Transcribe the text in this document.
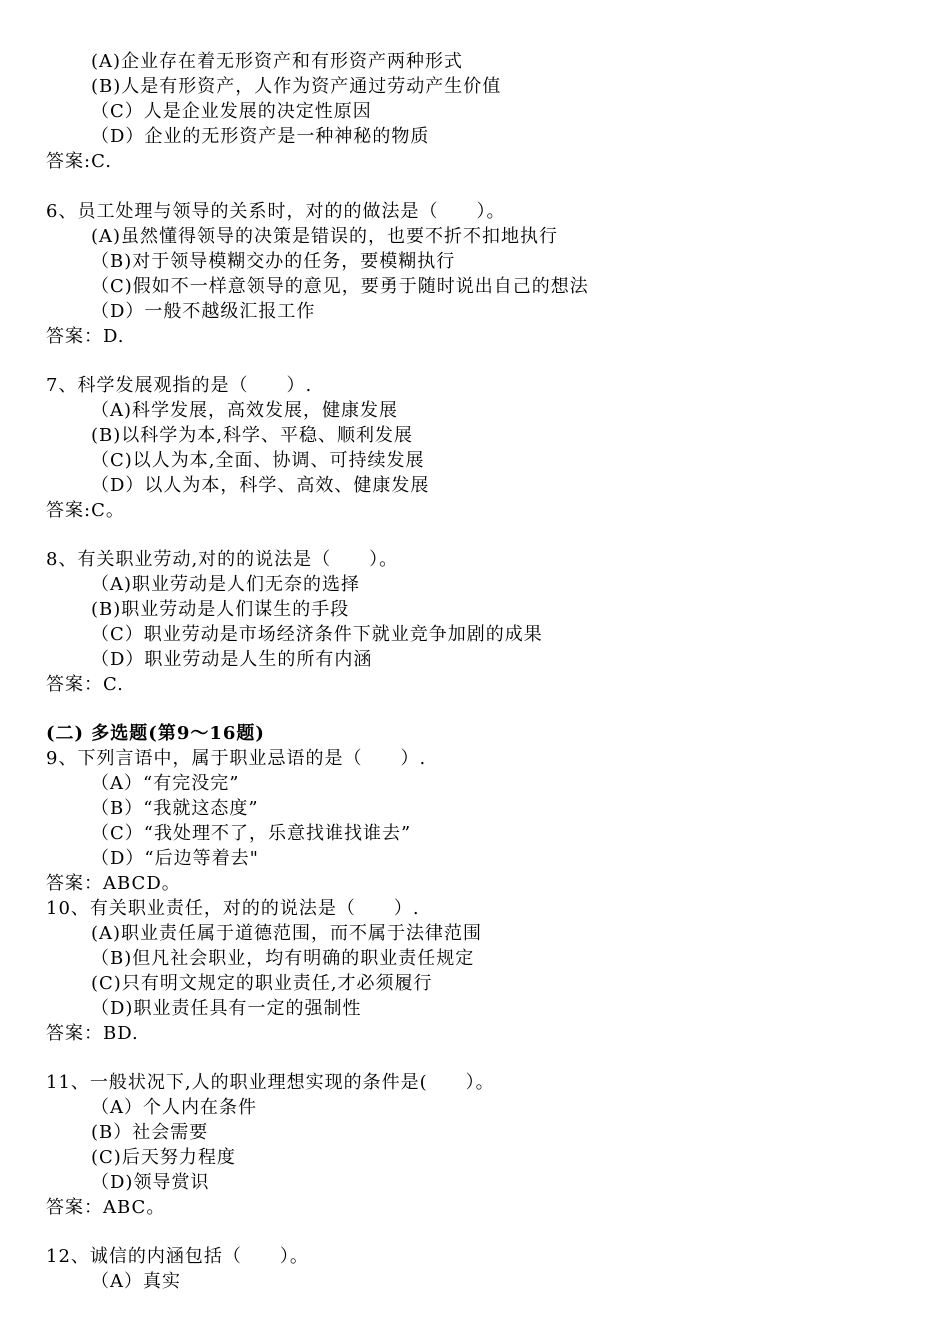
(A)企业存在着无形资产和有形资产两种形式
(B)人是有形资产，人作为资产通过劳动产生价值
（C）人是企业发展的决定性原因
（D）企业的无形资产是一种神秘的物质
答案:C.
6、员工处理与领导的关系时，对的的做法是（　　）。
(A)虽然懂得领导的决策是错误的，也要不折不扣地执行
（B)对于领导模糊交办的任务，要模糊执行
（C)假如不一样意领导的意见，要勇于随时说出自己的想法
（D）一般不越级汇报工作
答案：D.
7、科学发展观指的是（　　）.
（A)科学发展，高效发展，健康发展
(B)以科学为本,科学、平稳、顺利发展
（C)以人为本,全面、协调、可持续发展
（D）以人为本，科学、高效、健康发展
答案:C。
8、有关职业劳动,对的的说法是（　　）。
（A)职业劳动是人们无奈的选择
(B)职业劳动是人们谋生的手段
（C）职业劳动是市场经济条件下就业竞争加剧的成果
（D）职业劳动是人生的所有内涵
答案：C.
(二) 多选题(第9～16题)
9、下列言语中，属于职业忌语的是（　　）.
（A）“有完没完”
（B）“我就这态度”
（C）“我处理不了，乐意找谁找谁去”
（D）“后边等着去"
答案：ABCD。
10、有关职业责任，对的的说法是（　　）.
(A)职业责任属于道德范围，而不属于法律范围
（B)但凡社会职业，均有明确的职业责任规定
(C)只有明文规定的职业责任,才必须履行
（D)职业责任具有一定的强制性
答案：BD.
11、一般状况下,人的职业理想实现的条件是(　　）。
（A）个人内在条件
(B）社会需要
(C)后天努力程度
（D)领导赏识
答案：ABC。
12、诚信的内涵包括（　　）。
（A）真实
